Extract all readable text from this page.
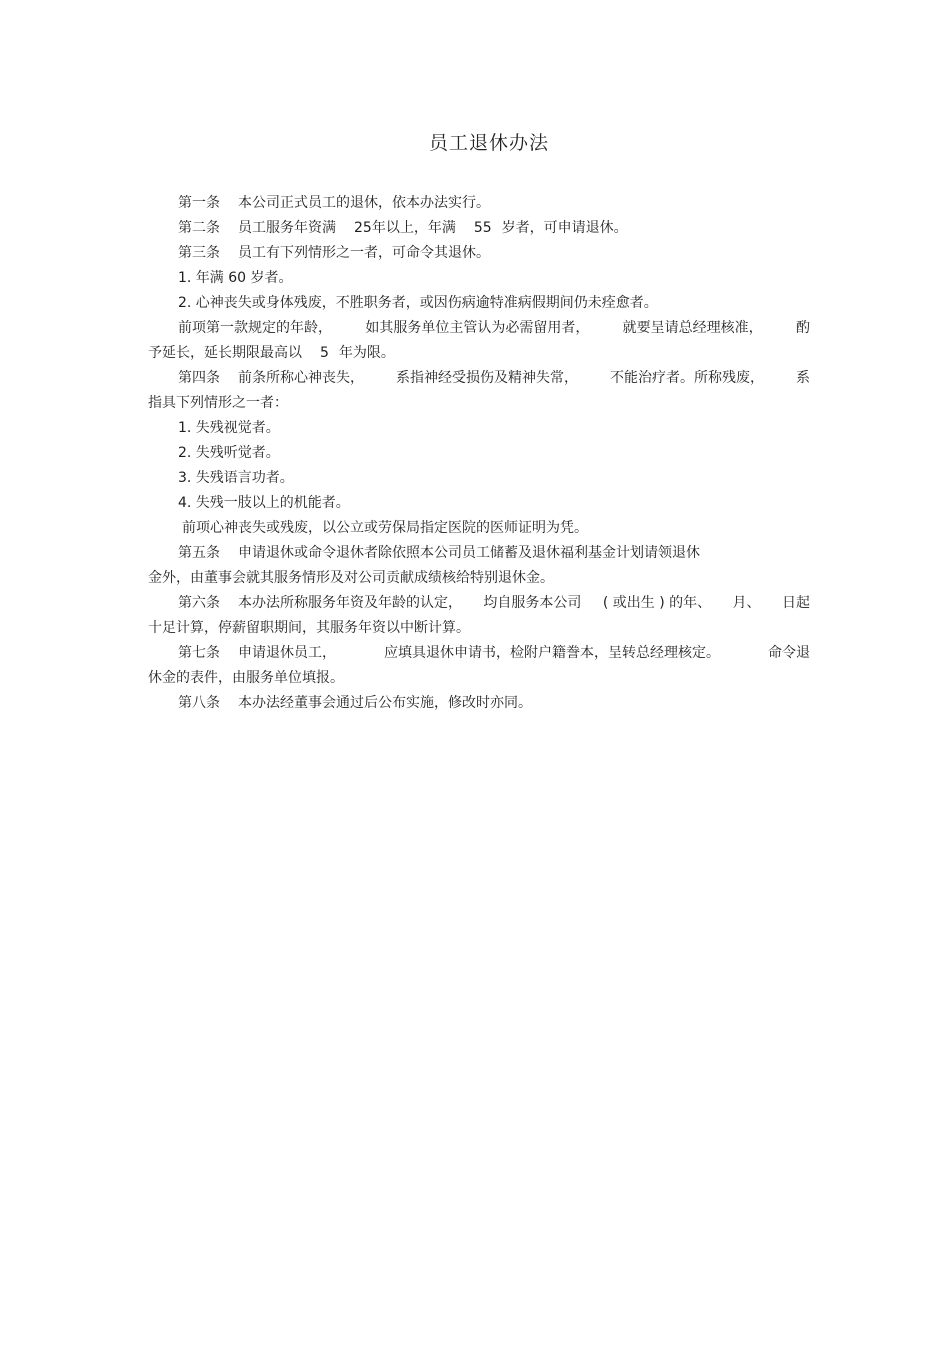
员工退休办法
第一条 本公司正式员工的退休，依本办法实行。
第二条 员工服务年资满 25年以上，年满 55 岁者，可申请退休。
第三条 员工有下列情形之一者，可命令其退休。
1. 年满 60 岁者。
2. 心神丧失或身体残废，不胜职务者，或因伤病逾特准病假期间仍未痊愈者。
前项第一款规定的年龄， 如其服务单位主管认为必需留用者， 就要呈请总经理核准， 酌
予延长，延长期限最高以 5 年为限。
第四条 前条所称心神丧失， 系指神经受损伤及精神失常， 不能治疗者。所称残废， 系
指具下列情形之一者：
1. 失残视觉者。
2. 失残听觉者。
3. 失残语言功者。
4. 失残一肢以上的机能者。
前项心神丧失或残废，以公立或劳保局指定医院的医师证明为凭。
第五条 申请退休或命令退休者除依照本公司员工储蓄及退休福利基金计划请领退休
金外，由董事会就其服务情形及对公司贡献成绩核给特别退休金。
第六条 本办法所称服务年资及年龄的认定， 均自服务本公司 ( 或出生 ) 的年、 月、 日起
十足计算，停薪留职期间，其服务年资以中断计算。
第七条 申请退休员工，	应填具退休申请书，检附户籍誊本，呈转总经理核定。	命令退
休金的表件，由服务单位填报。
第八条 本办法经董事会通过后公布实施，修改时亦同。
